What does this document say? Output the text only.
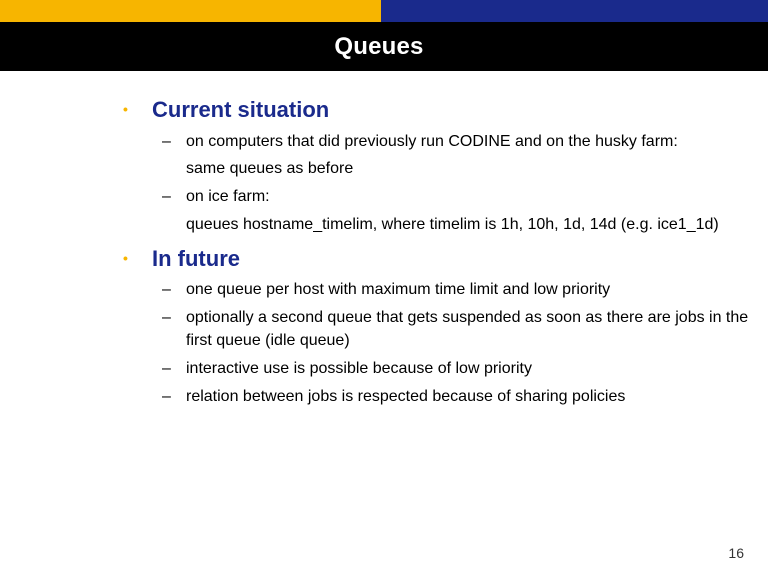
Queues
• Current situation
– on computers that did previously run CODINE and on the husky farm:
same queues as before
– on ice farm:
queues hostname_timelim, where timelim is 1h, 10h, 1d, 14d (e.g. ice1_1d)
• In future
– one queue per host with maximum time limit and low priority
– optionally a second queue that gets suspended as soon as there are jobs in the
first queue (idle queue)
– interactive use is possible because of low priority
– relation between jobs is respected because of sharing policies
16
